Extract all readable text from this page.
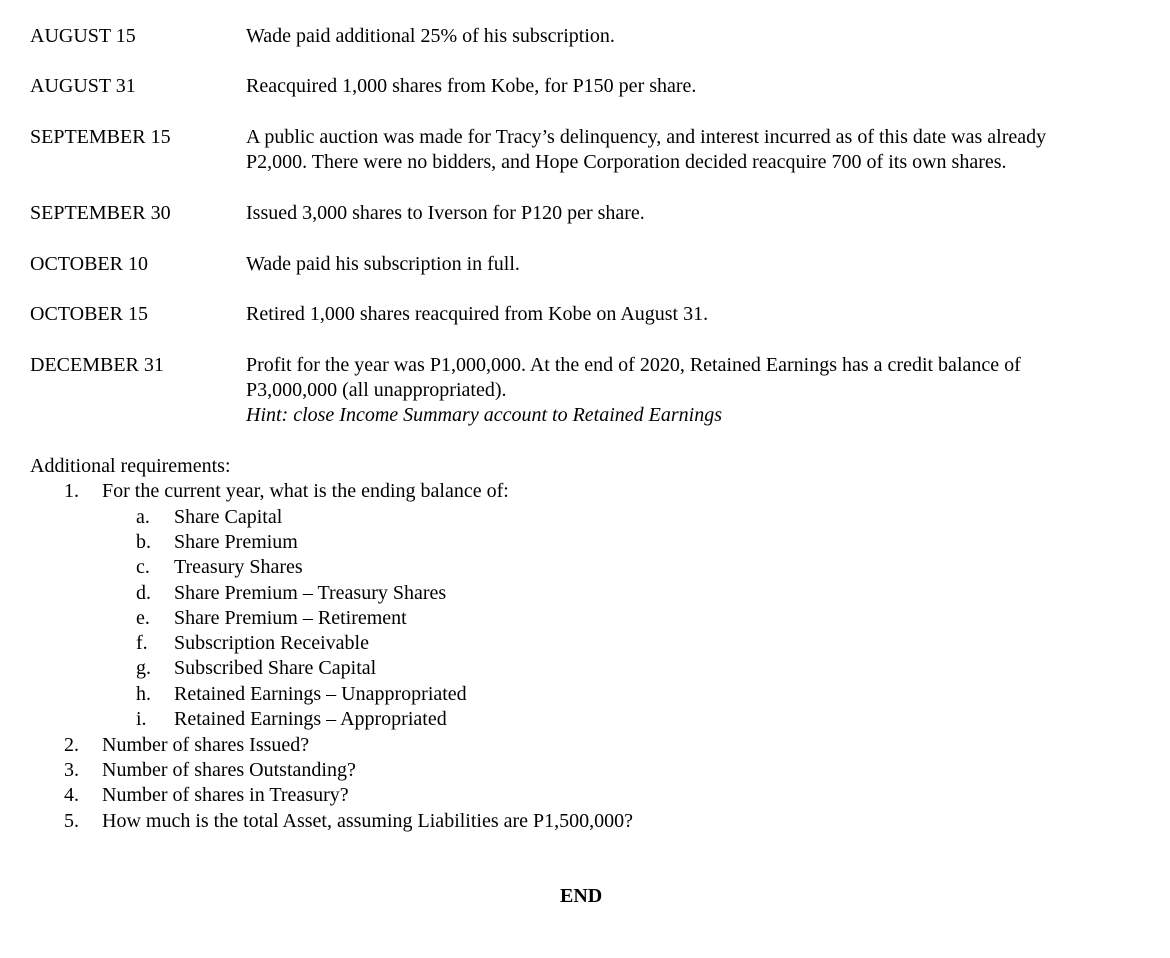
AUGUST 15	Wade paid additional 25% of his subscription.
AUGUST 31	Reacquired 1,000 shares from Kobe, for P150 per share.
SEPTEMBER 15	A public auction was made for Tracy’s delinquency, and interest incurred as of this date was already
P2,000. There were no bidders, and Hope Corporation decided reacquire 700 of its own shares.
SEPTEMBER 30	Issued 3,000 shares to Iverson for P120 per share.
OCTOBER 10	Wade paid his subscription in full.
OCTOBER 15	Retired 1,000 shares reacquired from Kobe on August 31.
DECEMBER 31	Profit for the year was P1,000,000. At the end of 2020, Retained Earnings has a credit balance of
P3,000,000 (all unappropriated).
Hint: close Income Summary account to Retained Earnings
Additional requirements:
1.	For the current year, what is the ending balance of:
a.	Share Capital
b.	Share Premium
c.	Treasury Shares
d.	Share Premium – Treasury Shares
e.	Share Premium – Retirement
f.	Subscription Receivable
g.	Subscribed Share Capital
h.	Retained Earnings – Unappropriated
i.	Retained Earnings – Appropriated
2.	Number of shares Issued?
3.	Number of shares Outstanding?
4.	Number of shares in Treasury?
5.	How much is the total Asset, assuming Liabilities are P1,500,000?
END
